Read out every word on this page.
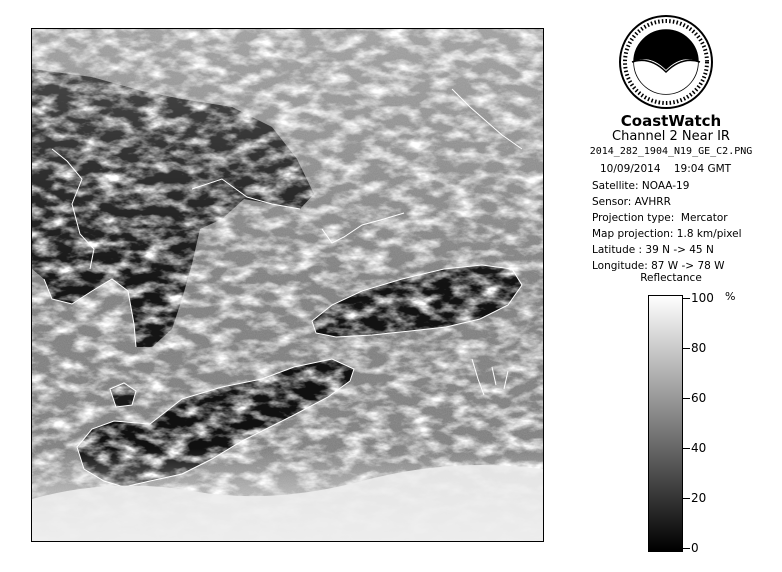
CoastWatch
Channel 2 Near IR
2014_282_1904_N19_GE_C2.PNG
10/09/2014    19:04 GMT
Satellite: NOAA-19
Sensor: AVHRR
Projection type:  Mercator
Map projection: 1.8 km/pixel
Latitude : 39 N -> 45 N
Longitude: 87 W -> 78 W
Reflectance
%
100
80
60
40
20
0
